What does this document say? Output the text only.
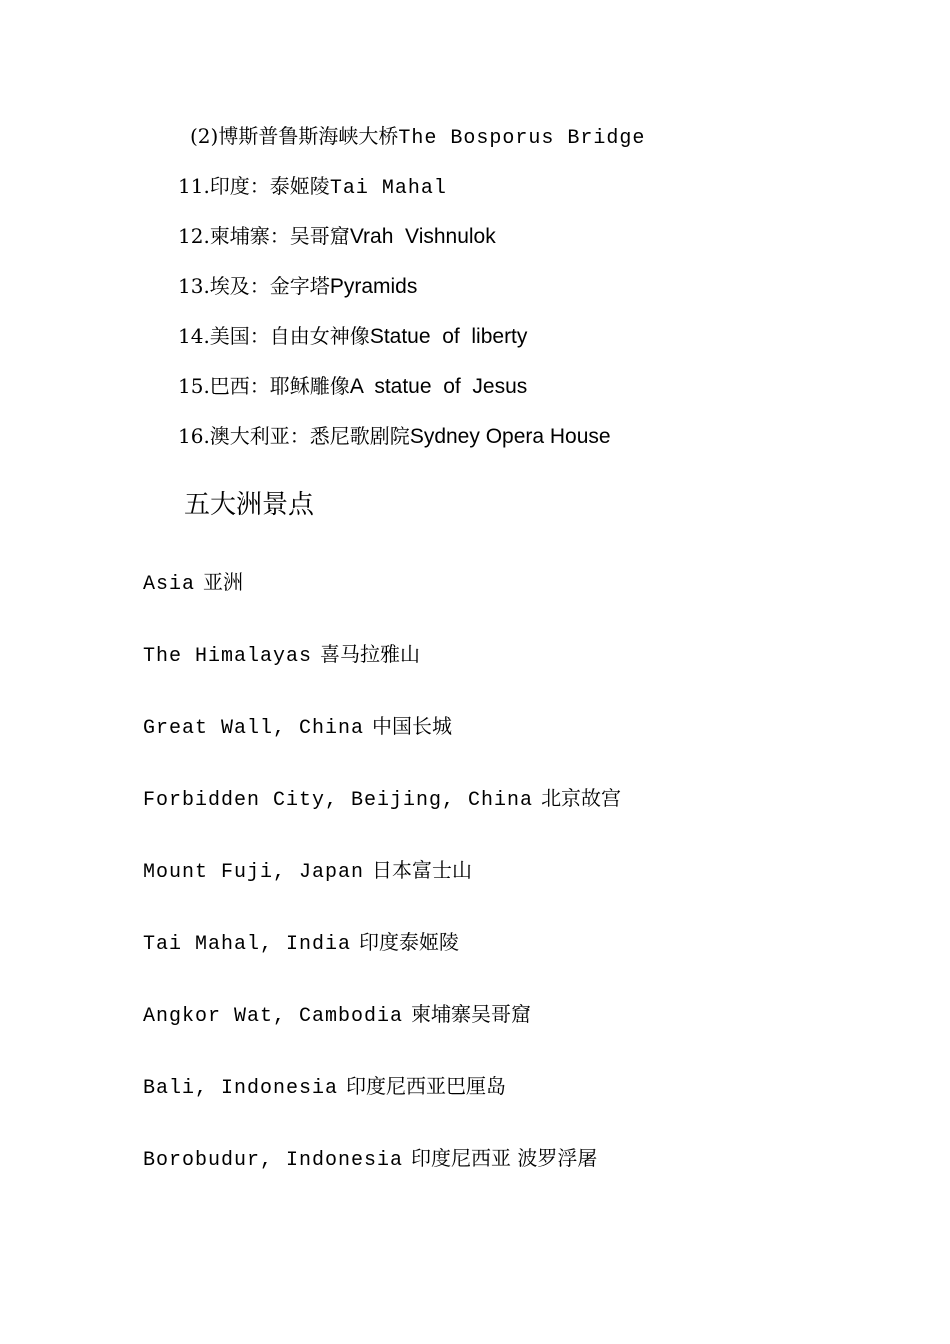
(2)博斯普鲁斯海峡大桥The Bosporus Bridge
11.印度：泰姬陵Tai Mahal
12.柬埔寨：吴哥窟Vrah  Vishnulok
13.埃及：金字塔Pyramids
14.美国：自由女神像Statue  of  liberty
15.巴西：耶稣雕像A  statue  of  Jesus
16.澳大利亚：悉尼歌剧院Sydney Opera House
五大洲景点
Asia 亚洲
The Himalayas 喜马拉雅山
Great Wall, China 中国长城
Forbidden City, Beijing, China 北京故宫
Mount Fuji, Japan 日本富士山
Tai Mahal, India 印度泰姬陵
Angkor Wat, Cambodia 柬埔寨吴哥窟
Bali, Indonesia 印度尼西亚巴厘岛
Borobudur, Indonesia 印度尼西亚 波罗浮屠
